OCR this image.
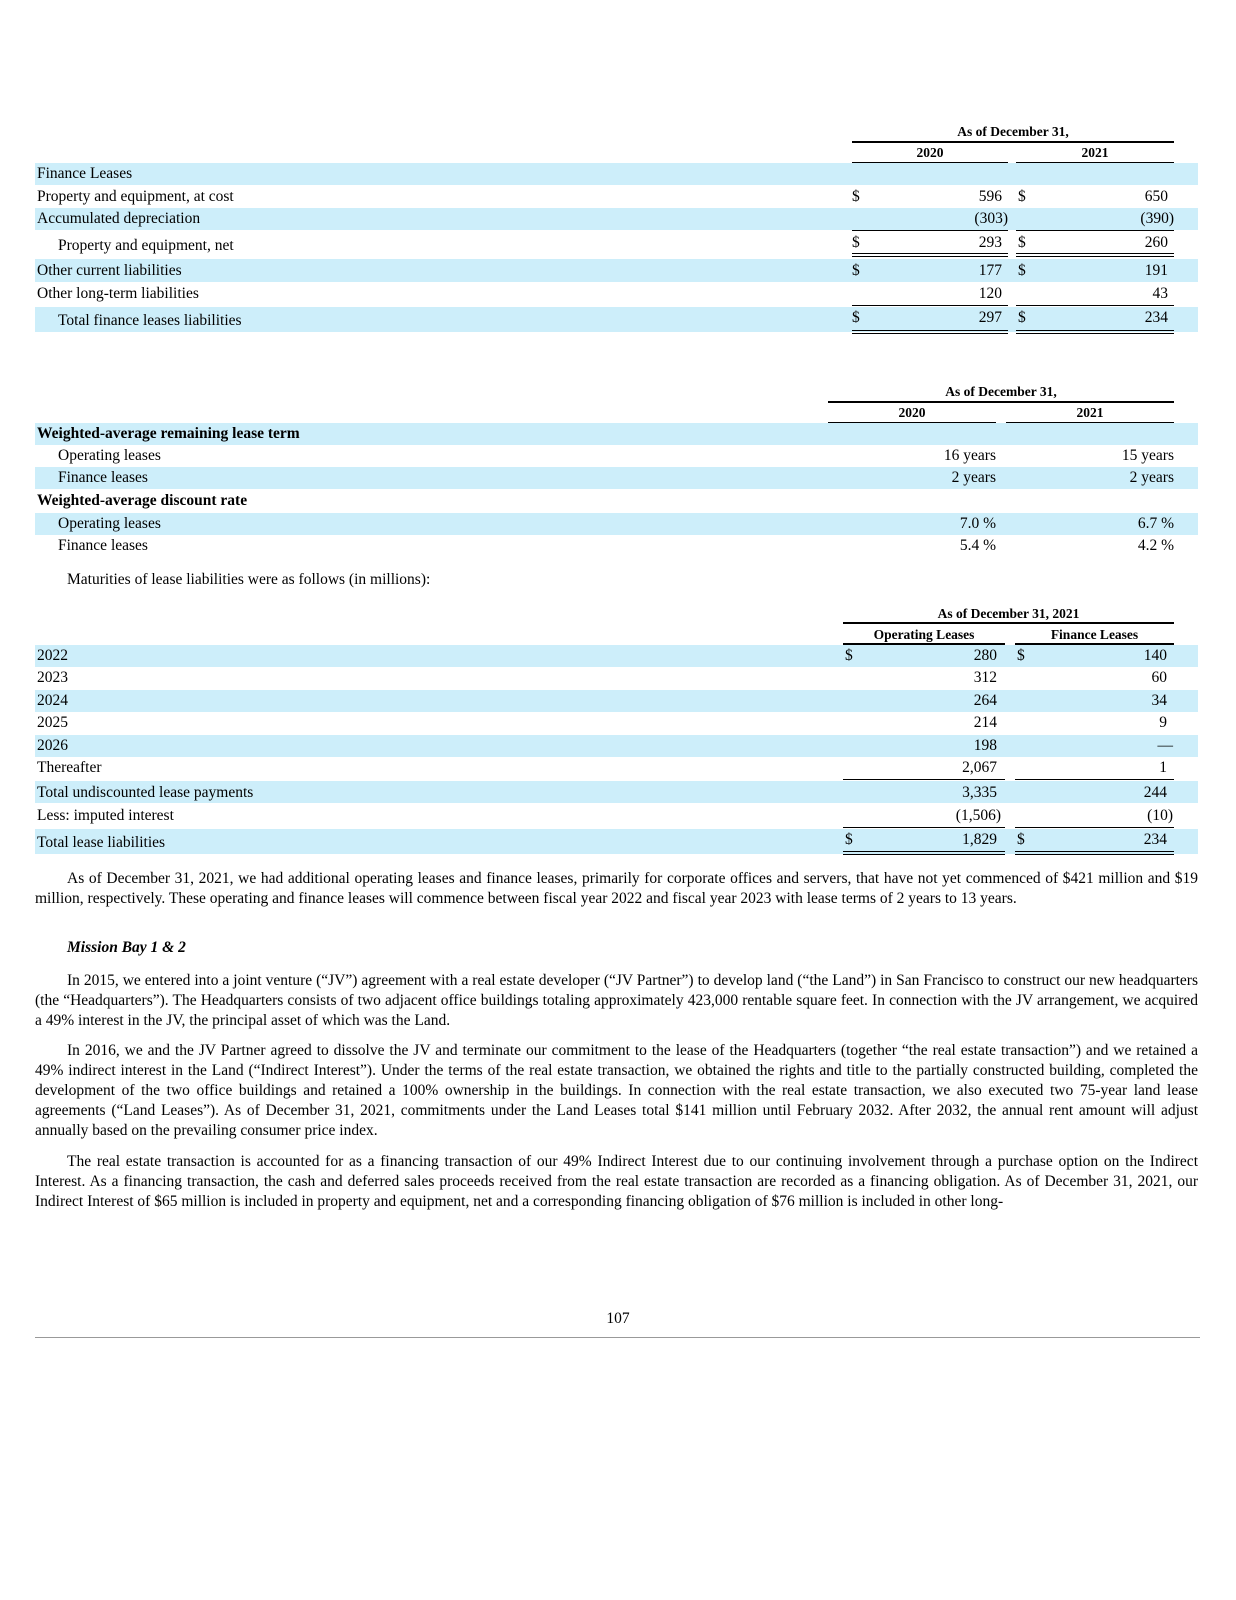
As of December 31,
2020	2021
Finance Leases
Property and equipment, at cost	$	596 $	650
Accumulated depreciation	(303)	(390)
Property and equipment, net	$	293 $	260
Other current liabilities	$	177 $	191
Other long-term liabilities	120	43
Total finance leases liabilities	$	297 $	234
As of December 31,
2020	2021
Weighted-average remaining lease term
Operating leases	16 years	15 years
Finance leases	2 years	2 years
Weighted-average discount rate
Operating leases	7.0 %	6.7 %
Finance leases	5.4 %	4.2 %
Maturities of lease liabilities were as follows (in millions):
As of December 31, 2021
Operating Leases	Finance Leases
2022	$	280 $	140
2023	312	60
2024	264	34
2025	214	9
2026	198	—
Thereafter	2,067	1
Total undiscounted lease payments	3,335	244
Less: imputed interest	(1,506)	(10)
Total lease liabilities	$	1,829 $	234

As of December 31, 2021, we had additional operating leases and finance leases, primarily for corporate offices and servers, that have not yet commenced of $421 million and $19 million, respectively. These operating and finance leases will commence between fiscal year 2022 and fiscal year 2023 with lease terms of 2 years to 13 years.

Mission Bay 1 & 2

In 2015, we entered into a joint venture (“JV”) agreement with a real estate developer (“JV Partner”) to develop land (“the Land”) in San Francisco to construct our new headquarters (the “Headquarters”). The Headquarters consists of two adjacent office buildings totaling approximately 423,000 rentable square feet. In connection with the JV arrangement, we acquired a 49% interest in the JV, the principal asset of which was the Land.

In 2016, we and the JV Partner agreed to dissolve the JV and terminate our commitment to the lease of the Headquarters (together “the real estate transaction”) and we retained a 49% indirect interest in the Land (“Indirect Interest”). Under the terms of the real estate transaction, we obtained the rights and title to the partially constructed building, completed the development of the two office buildings and retained a 100% ownership in the buildings. In connection with the real estate transaction, we also executed two 75-year land lease agreements (“Land Leases”). As of December 31, 2021, commitments under the Land Leases total $141 million until February 2032. After 2032, the annual rent amount will adjust annually based on the prevailing consumer price index.

The real estate transaction is accounted for as a financing transaction of our 49% Indirect Interest due to our continuing involvement through a purchase option on the Indirect Interest. As a financing transaction, the cash and deferred sales proceeds received from the real estate transaction are recorded as a financing obligation. As of December 31, 2021, our Indirect Interest of $65 million is included in property and equipment, net and a corresponding financing obligation of $76 million is included in other long-

107
